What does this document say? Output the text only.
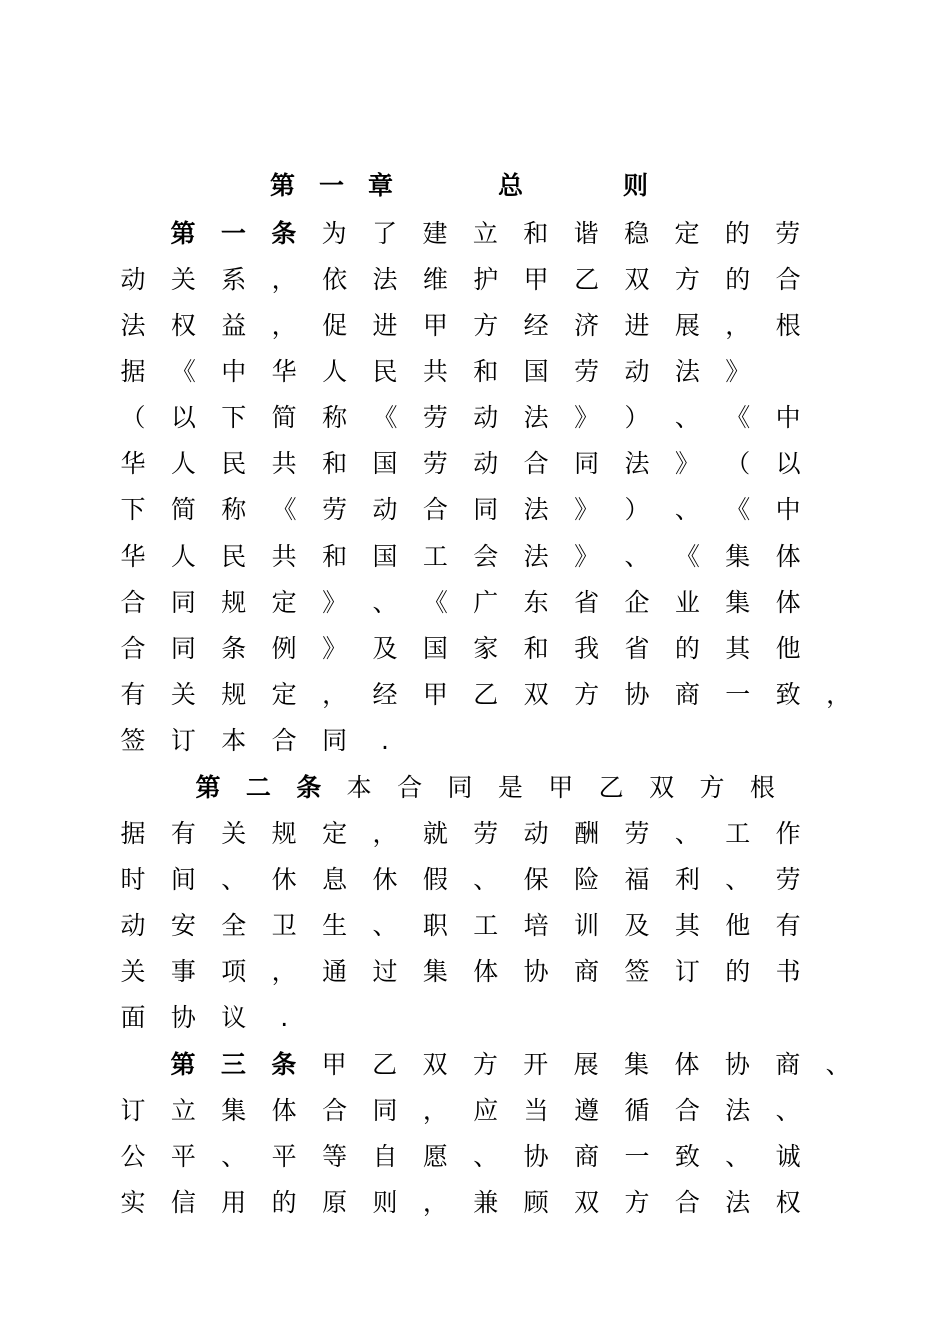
第一章	总则
第 一 条 为 了 建 立 和 谐 稳 定 的 劳
动 关 系 ， 依 法 维 护 甲 乙 双 方 的 合
法 权 益 ， 促 进 甲 方 经 济 进 展 ， 根
据 《 中 华 人 民 共 和 国 劳 动 法 》
（ 以 下 简 称 《 劳 动 法 》 ） 、 《 中
华 人 民 共 和 国 劳 动 合 同 法 》 （ 以
下 简 称 《 劳 动 合 同 法 》 ） 、 《 中
华 人 民 共 和 国 工 会 法 》 、 《 集 体
合 同 规 定 》 、 《 广 东 省 企 业 集 体
合 同 条 例 》 及 国 家 和 我 省 的 其 他
有 关 规 定 ， 经 甲 乙 双 方 协 商 一 致 ，
签 订 本 合 同	.
第 二 条 本 合 同 是 甲 乙 双 方 根
据 有 关 规 定 ， 就 劳 动 酬 劳 、 工 作
时 间 、 休 息 休 假 、 保 险 福 利 、 劳
动 安 全 卫 生 、 职 工 培 训 及 其 他 有
关 事 项 ， 通 过 集 体 协 商 签 订 的 书
面 协 议	.
第 三 条 甲 乙 双 方 开 展 集 体 协 商 、
订 立 集 体 合 同 ， 应 当 遵 循 合 法 、
公 平 、 平 等 自 愿 、 协 商 一 致 、 诚
实 信 用 的 原 则 ， 兼 顾 双 方 合 法 权
